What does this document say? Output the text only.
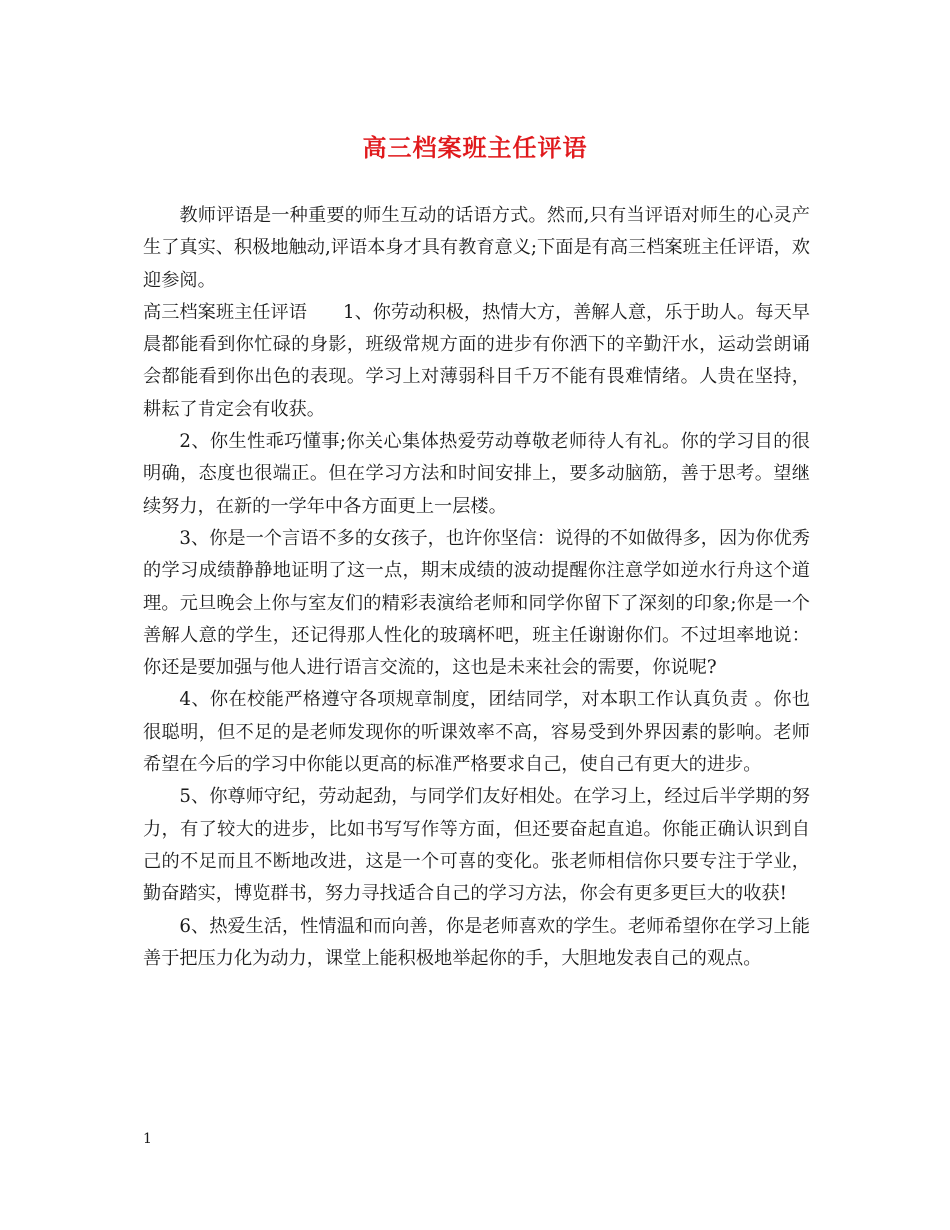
高三档案班主任评语

教师评语是一种重要的师生互动的话语方式。然而,只有当评语对师生的心灵产生了真实、积极地触动,评语本身才具有教育意义;下面是有高三档案班主任评语，欢迎参阅。

高三档案班主任评语 1、你劳动积极，热情大方，善解人意，乐于助人。每天早晨都能看到你忙碌的身影，班级常规方面的进步有你洒下的辛勤汗水，运动尝朗诵会都能看到你出色的表现。学习上对薄弱科目千万不能有畏难情绪。人贵在坚持，耕耘了肯定会有收获。

2、你生性乖巧懂事;你关心集体热爱劳动尊敬老师待人有礼。你的学习目的很明确，态度也很端正。但在学习方法和时间安排上，要多动脑筋，善于思考。望继续努力，在新的一学年中各方面更上一层楼。

3、你是一个言语不多的女孩子，也许你坚信：说得的不如做得多，因为你优秀的学习成绩静静地证明了这一点，期末成绩的波动提醒你注意学如逆水行舟这个道理。元旦晚会上你与室友们的精彩表演给老师和同学你留下了深刻的印象;你是一个善解人意的学生，还记得那人性化的玻璃杯吧，班主任谢谢你们。不过坦率地说：你还是要加强与他人进行语言交流的，这也是未来社会的需要，你说呢?

4、你在校能严格遵守各项规章制度，团结同学，对本职工作认真负责 。你也很聪明，但不足的是老师发现你的听课效率不高，容易受到外界因素的影响。老师希望在今后的学习中你能以更高的标准严格要求自己，使自己有更大的进步。

5、你尊师守纪，劳动起劲，与同学们友好相处。在学习上，经过后半学期的努力，有了较大的进步，比如书写写作等方面，但还要奋起直追。你能正确认识到自己的不足而且不断地改进，这是一个可喜的变化。张老师相信你只要专注于学业，勤奋踏实，博览群书，努力寻找适合自己的学习方法，你会有更多更巨大的收获!

6、热爱生活，性情温和而向善，你是老师喜欢的学生。老师希望你在学习上能善于把压力化为动力，课堂上能积极地举起你的手，大胆地发表自己的观点。

1
